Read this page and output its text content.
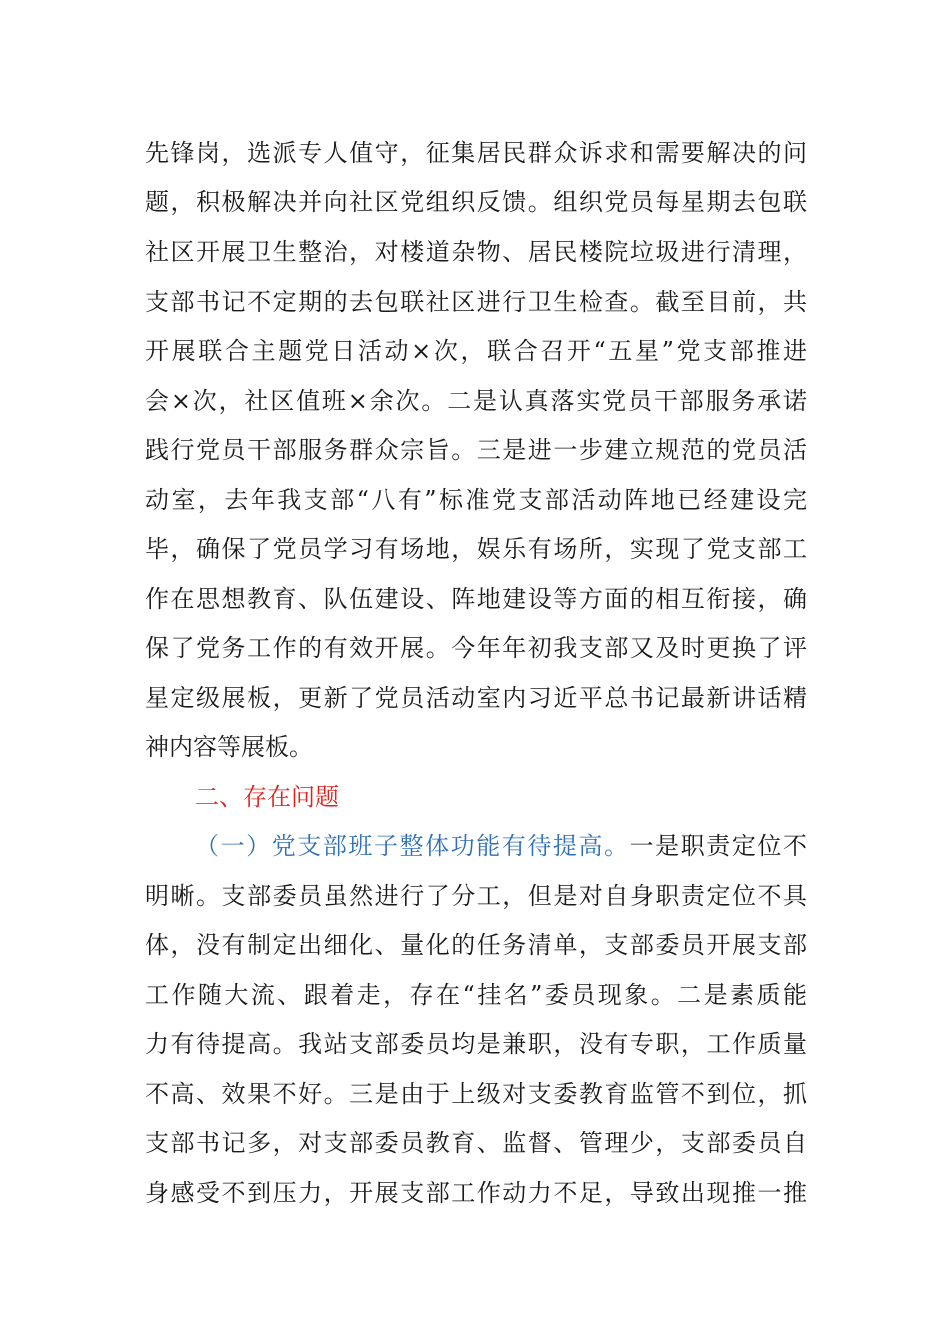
先锋岗，选派专人值守，征集居民群众诉求和需要解决的问
题，积极解决并向社区党组织反馈。组织党员每星期去包联
社区开展卫生整治，对楼道杂物、居民楼院垃圾进行清理，
支部书记不定期的去包联社区进行卫生检查。截至目前，共
开展联合主题党日活动×次，联合召开“五星”党支部推进
会×次，社区值班×余次。二是认真落实党员干部服务承诺
践行党员干部服务群众宗旨。三是进一步建立规范的党员活
动室，去年我支部“八有”标准党支部活动阵地已经建设完
毕，确保了党员学习有场地，娱乐有场所，实现了党支部工
作在思想教育、队伍建设、阵地建设等方面的相互衔接，确
保了党务工作的有效开展。今年年初我支部又及时更换了评
星定级展板，更新了党员活动室内习近平总书记最新讲话精
神内容等展板。
二、存在问题
（一）党支部班子整体功能有待提高。一是职责定位不
明晰。支部委员虽然进行了分工，但是对自身职责定位不具
体，没有制定出细化、量化的任务清单，支部委员开展支部
工作随大流、跟着走，存在“挂名”委员现象。二是素质能
力有待提高。我站支部委员均是兼职，没有专职，工作质量
不高、效果不好。三是由于上级对支委教育监管不到位，抓
支部书记多，对支部委员教育、监督、管理少，支部委员自
身感受不到压力，开展支部工作动力不足，导致出现推一推
